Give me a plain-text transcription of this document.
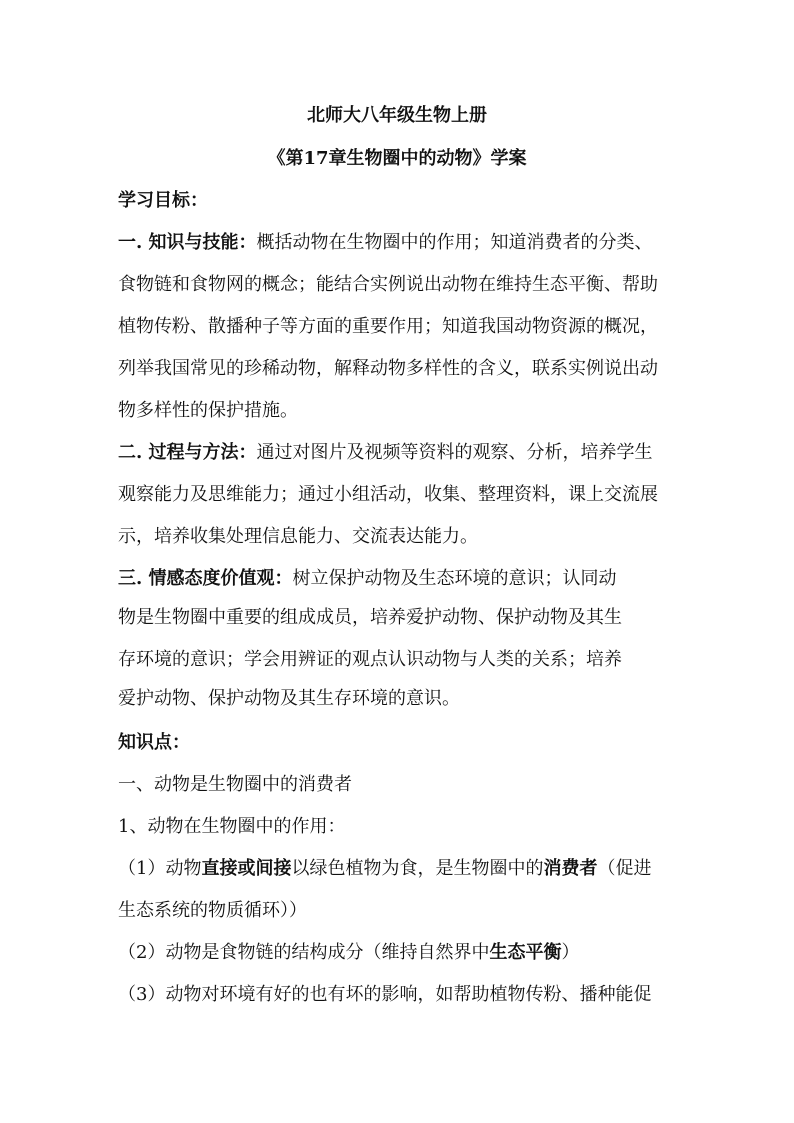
北师大八年级生物上册
《第17章生物圈中的动物》学案
学习目标：
一. 知识与技能：概括动物在生物圈中的作用；知道消费者的分类、
食物链和食物网的概念；能结合实例说出动物在维持生态平衡、帮助
植物传粉、散播种子等方面的重要作用；知道我国动物资源的概况，
列举我国常见的珍稀动物，解释动物多样性的含义，联系实例说出动
物多样性的保护措施。
二. 过程与方法：通过对图片及视频等资料的观察、分析，培养学生
观察能力及思维能力；通过小组活动，收集、整理资料，课上交流展
示，培养收集处理信息能力、交流表达能力。
三. 情感态度价值观：树立保护动物及生态环境的意识；认同动
物是生物圈中重要的组成成员，培养爱护动物、保护动物及其生
存环境的意识；学会用辨证的观点认识动物与人类的关系；培养
爱护动物、保护动物及其生存环境的意识。
知识点：
一、动物是生物圈中的消费者
1、动物在生物圈中的作用：
（1）动物直接或间接以绿色植物为食，是生物圈中的消费者（促进
生态系统的物质循环））
（2）动物是食物链的结构成分（维持自然界中生态平衡）
（3）动物对环境有好的也有坏的影响，如帮助植物传粉、播种能促
